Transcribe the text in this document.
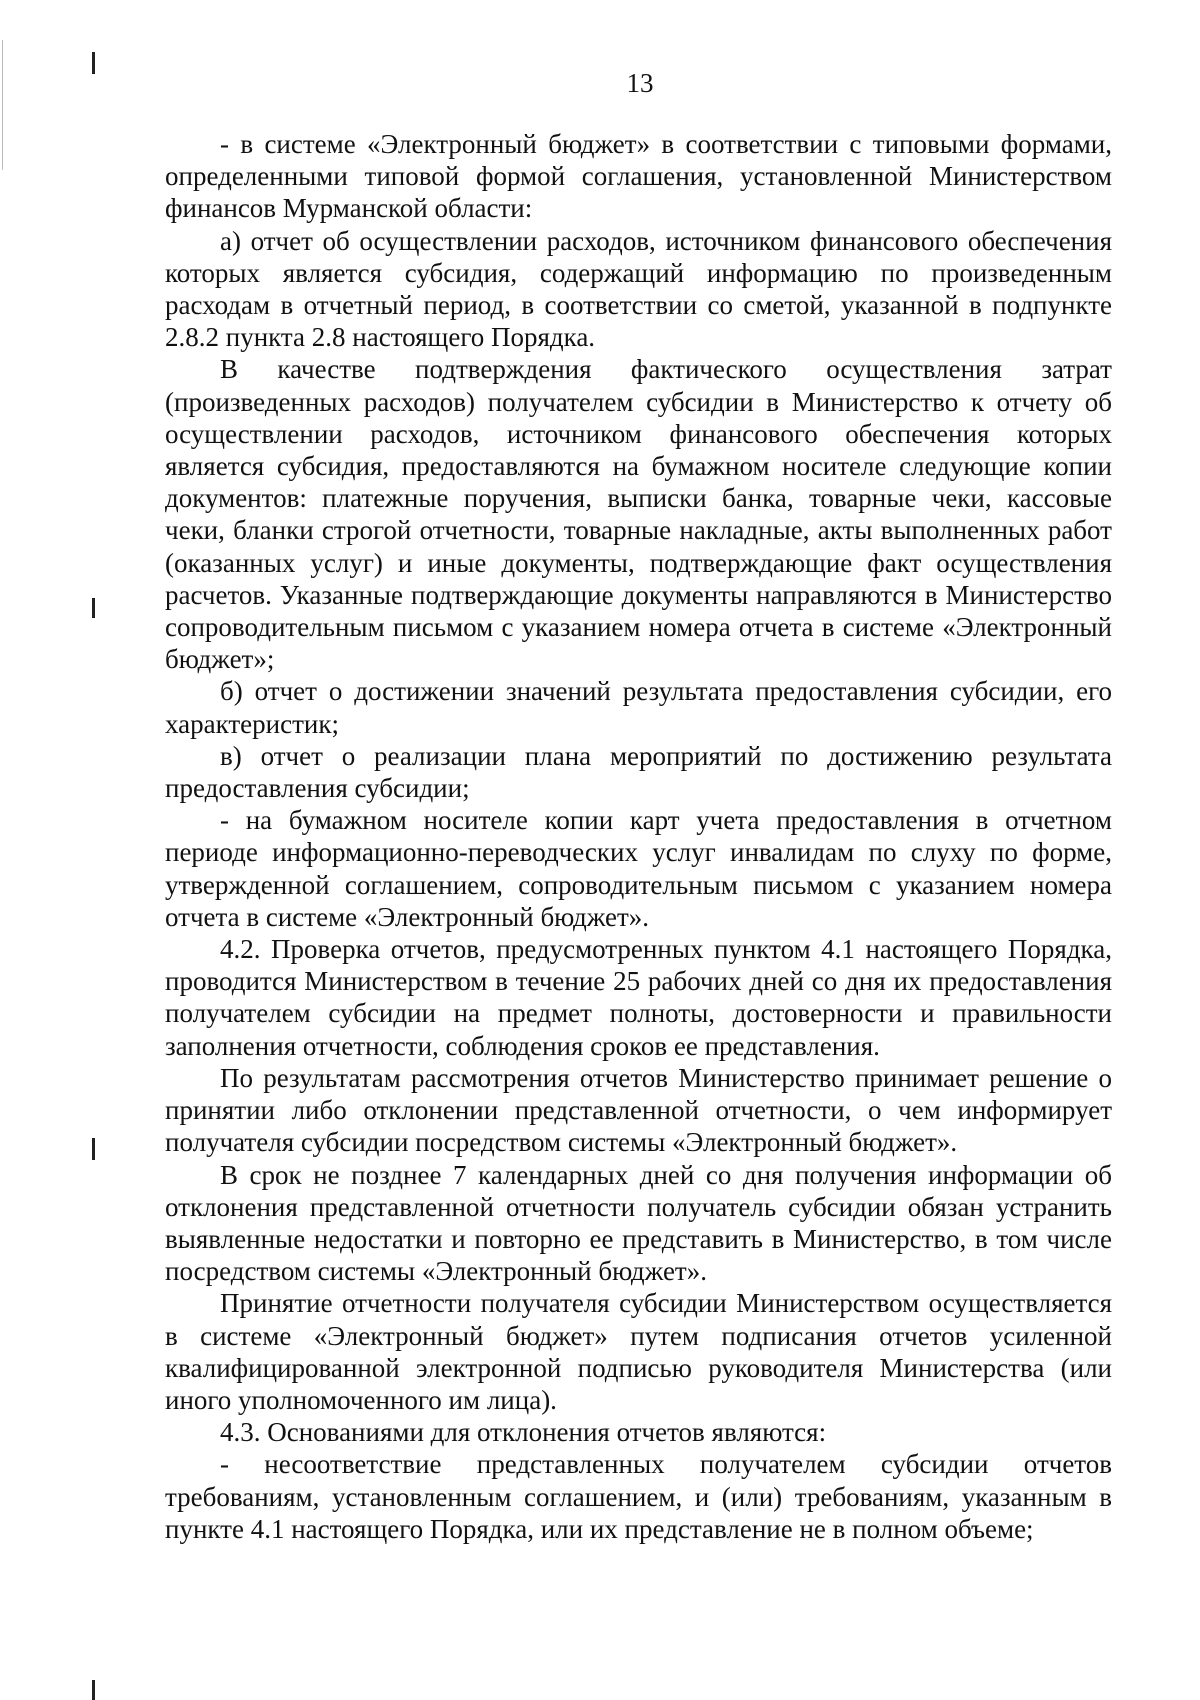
13

- в системе «Электронный бюджет» в соответствии с типовыми формами, определенными типовой формой соглашения, установленной Министерством финансов Мурманской области:

а) отчет об осуществлении расходов, источником финансового обеспечения которых является субсидия, содержащий информацию по произведенным расходам в отчетный период, в соответствии со сметой, указанной в подпункте 2.8.2 пункта 2.8 настоящего Порядка.

В качестве подтверждения фактического осуществления затрат (произведенных расходов) получателем субсидии в Министерство к отчету об осуществлении расходов, источником финансового обеспечения которых является субсидия, предоставляются на бумажном носителе следующие копии документов: платежные поручения, выписки банка, товарные чеки, кассовые чеки, бланки строгой отчетности, товарные накладные, акты выполненных работ (оказанных услуг) и иные документы, подтверждающие факт осуществления расчетов. Указанные подтверждающие документы направляются в Министерство сопроводительным письмом с указанием номера отчета в системе «Электронный бюджет»;

б) отчет о достижении значений результата предоставления субсидии, его характеристик;

в) отчет о реализации плана мероприятий по достижению результата предоставления субсидии;

- на бумажном носителе копии карт учета предоставления в отчетном периоде информационно-переводческих услуг инвалидам по слуху по форме, утвержденной соглашением, сопроводительным письмом с указанием номера отчета в системе «Электронный бюджет».

4.2. Проверка отчетов, предусмотренных пунктом 4.1 настоящего Порядка, проводится Министерством в течение 25 рабочих дней со дня их предоставления получателем субсидии на предмет полноты, достоверности и правильности заполнения отчетности, соблюдения сроков ее представления.

По результатам рассмотрения отчетов Министерство принимает решение о принятии либо отклонении представленной отчетности, о чем информирует получателя субсидии посредством системы «Электронный бюджет».

В срок не позднее 7 календарных дней со дня получения информации об отклонения представленной отчетности получатель субсидии обязан устранить выявленные недостатки и повторно ее представить в Министерство, в том числе посредством системы «Электронный бюджет».

Принятие отчетности получателя субсидии Министерством осуществляется в системе «Электронный бюджет» путем подписания отчетов усиленной квалифицированной электронной подписью руководителя Министерства (или иного уполномоченного им лица).

4.3. Основаниями для отклонения отчетов являются:

- несоответствие представленных получателем субсидии отчетов требованиям, установленным соглашением, и (или) требованиям, указанным в пункте 4.1 настоящего Порядка, или их представление не в полном объеме;
